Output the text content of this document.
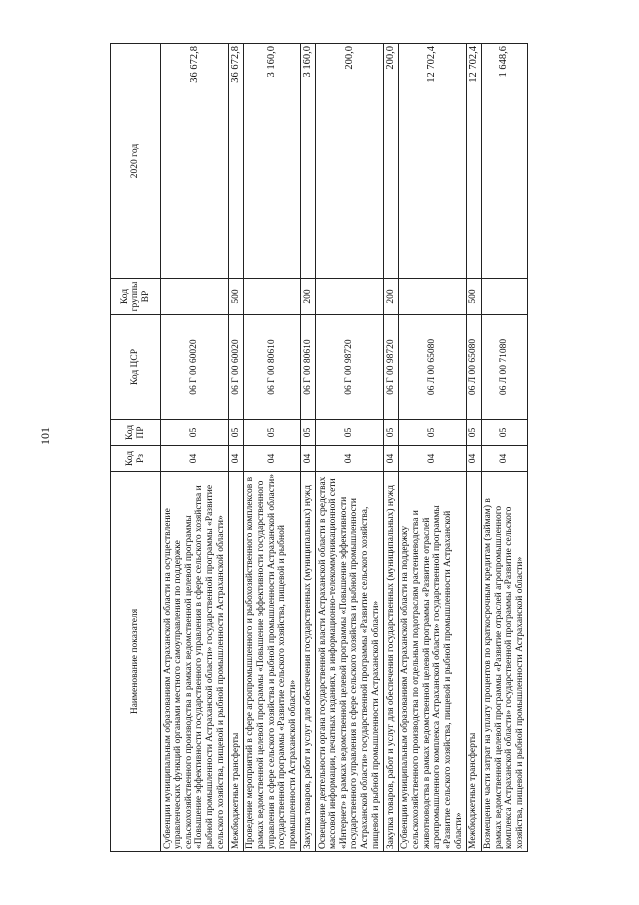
101
Наименование показателя	Код Рз	Код ПР	Код ЦСР	Код группы ВР	2020 год
Субвенции муниципальным образованиям Астраханской области на осуществление управленческих функций органами местного самоуправления по поддержке сельскохозяйственного производства в рамках ведомственной целевой программы «Повышение эффективности государственного управления в сфере сельского хозяйства и рыбной промышленности Астраханской области» государственной программы «Развитие сельского хозяйства, пищевой и рыбной промышленности Астраханской области»	04	05	06 Г 00 60020		36 672,8
Межбюджетные трансферты	04	05	06 Г 00 60020	500	36 672,8
Проведение мероприятий в сфере агропромышленного и рыбохозяйственного комплексов в рамках ведомственной целевой программы «Повышение эффективности государственного управления в сфере сельского хозяйства и рыбной промышленности Астраханской области» государственной программы «Развитие сельского хозяйства, пищевой и рыбной промышленности Астраханской области»	04	05	06 Г 00 80610		3 160,0
Закупка товаров, работ и услуг для обеспечения государственных (муниципальных) нужд	04	05	06 Г 00 80610	200	3 160,0
Освещение деятельности органа государственной власти Астраханской области в средствах массовой информации, печатных изданиях, в информационно-телекоммуникационной сети «Интернет» в рамках ведомственной целевой программы «Повышение эффективности государственного управления в сфере сельского хозяйства и рыбной промышленности Астраханской области» государственной программы «Развитие сельского хозяйства, пищевой и рыбной промышленности Астраханской области»	04	05	06 Г 00 98720		200,0
Закупка товаров, работ и услуг для обеспечения государственных (муниципальных) нужд	04	05	06 Г 00 98720	200	200,0
Субвенции муниципальным образованиям Астраханской области на поддержку сельскохозяйственного производства по отдельным подотраслям растениеводства и животноводства в рамках ведомственной целевой программы «Развитие отраслей агропромышленного комплекса Астраханской области» государственной программы «Развитие сельского хозяйства, пищевой и рыбной промышленности Астраханской области»	04	05	06 Л 00 65080		12 702,4
Межбюджетные трансферты	04	05	06 Л 00 65080	500	12 702,4
Возмещение части затрат на уплату процентов по краткосрочным кредитам (займам) в рамках ведомственной целевой программы «Развитие отраслей агропромышленного комплекса Астраханской области» государственной программы «Развитие сельского хозяйства, пищевой и рыбной промышленности Астраханской области»	04	05	06 Л 00 71080		1 648,6
